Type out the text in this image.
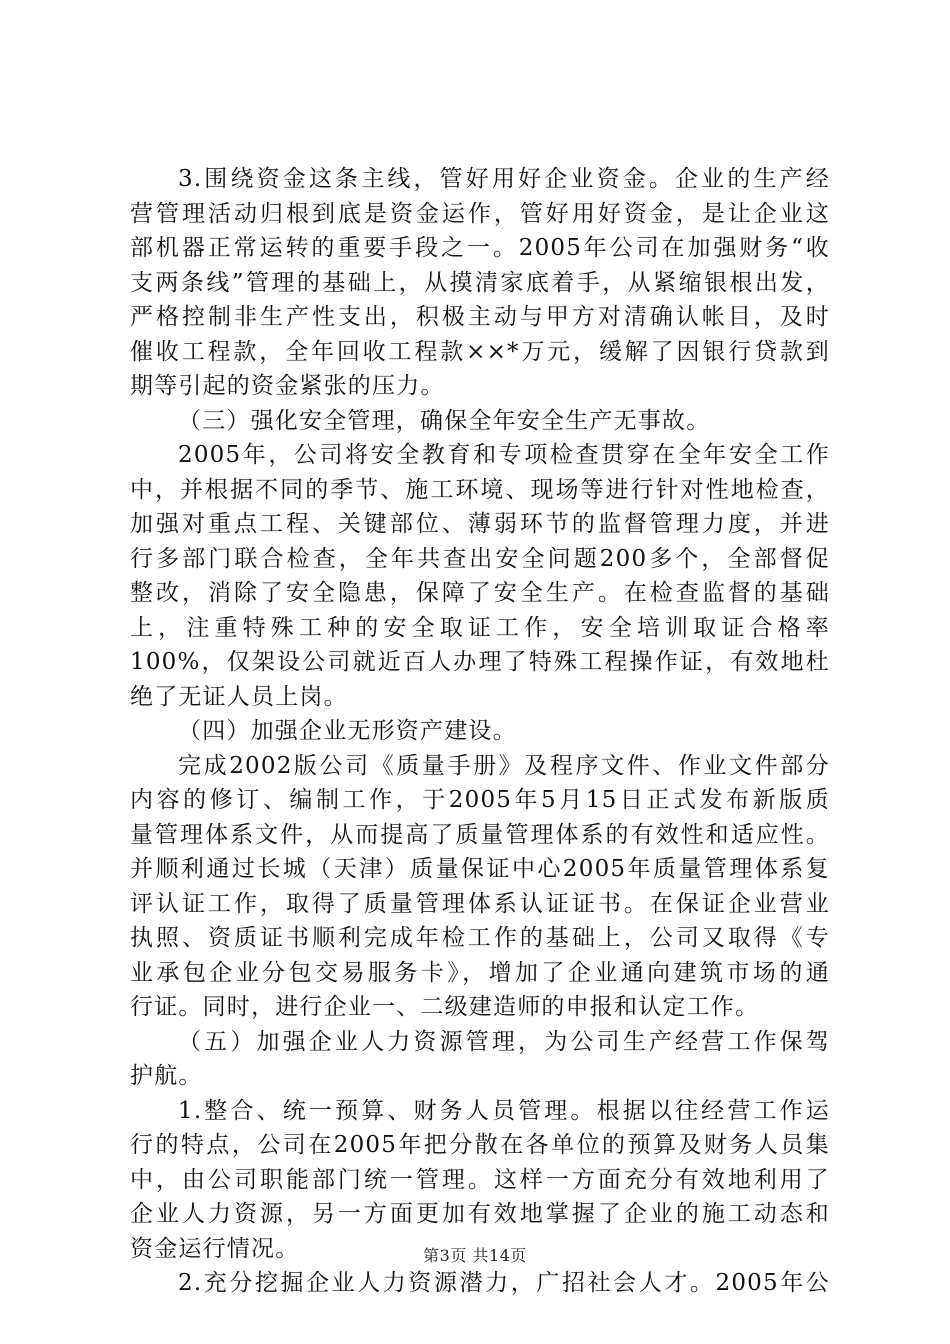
3.围绕资金这条主线，管好用好企业资金。企业的生产经
营管理活动归根到底是资金运作，管好用好资金，是让企业这
部机器正常运转的重要手段之一。2005年公司在加强财务“收
支两条线”管理的基础上，从摸清家底着手，从紧缩银根出发，
严格控制非生产性支出，积极主动与甲方对清确认帐目，及时
催收工程款，全年回收工程款××*万元，缓解了因银行贷款到
期等引起的资金紧张的压力。
（三）强化安全管理，确保全年安全生产无事故。
2005年，公司将安全教育和专项检查贯穿在全年安全工作
中，并根据不同的季节、施工环境、现场等进行针对性地检查，
加强对重点工程、关键部位、薄弱环节的监督管理力度，并进
行多部门联合检查，全年共查出安全问题200多个，全部督促
整改，消除了安全隐患，保障了安全生产。在检查监督的基础
上，注重特殊工种的安全取证工作，安全培训取证合格率
100%，仅架设公司就近百人办理了特殊工程操作证，有效地杜
绝了无证人员上岗。
（四）加强企业无形资产建设。
完成2002版公司《质量手册》及程序文件、作业文件部分
内容的修订、编制工作，于2005年5月15日正式发布新版质
量管理体系文件，从而提高了质量管理体系的有效性和适应性。
并顺利通过长城（天津）质量保证中心2005年质量管理体系复
评认证工作，取得了质量管理体系认证证书。在保证企业营业
执照、资质证书顺利完成年检工作的基础上，公司又取得《专
业承包企业分包交易服务卡》，增加了企业通向建筑市场的通
行证。同时，进行企业一、二级建造师的申报和认定工作。
（五）加强企业人力资源管理，为公司生产经营工作保驾
护航。
1.整合、统一预算、财务人员管理。根据以往经营工作运
行的特点，公司在2005年把分散在各单位的预算及财务人员集
中，由公司职能部门统一管理。这样一方面充分有效地利用了
企业人力资源，另一方面更加有效地掌握了企业的施工动态和
资金运行情况。
2.充分挖掘企业人力资源潜力，广招社会人才。2005年公
第3页 共14页
